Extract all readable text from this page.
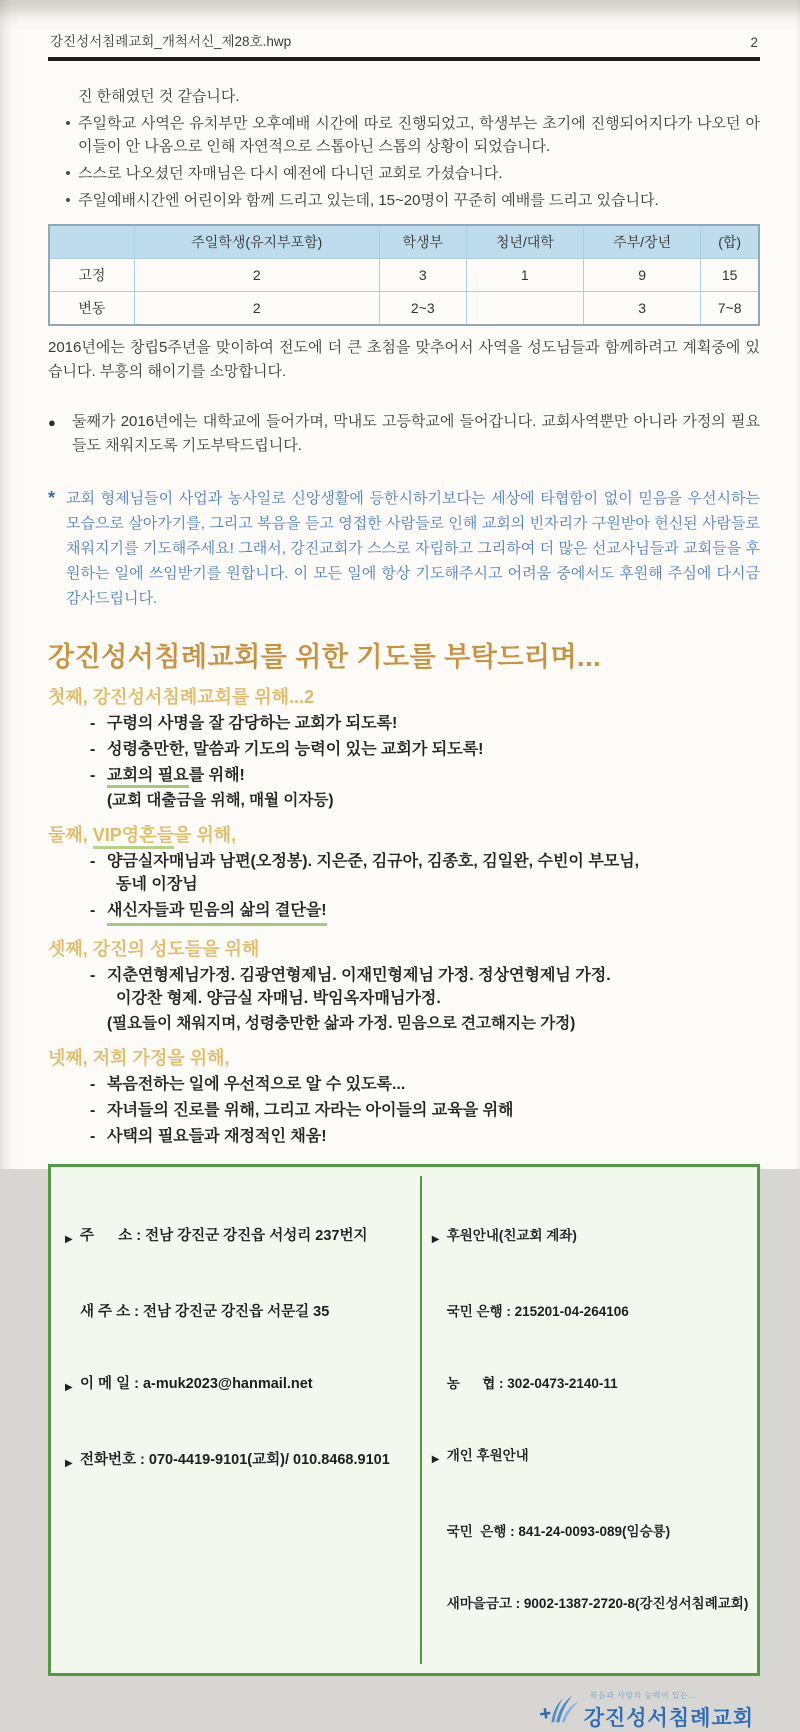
강진성서침례교회_개척서신_제28호.hwp	2
진 한해였던 것 같습니다.
• 주일학교 사역은 유치부만 오후예배 시간에 따로 진행되었고, 학생부는 초기에 진행되어지다가 나오던 아이들이 안 나옴으로 인해 자연적으로 스톱아닌 스톱의 상황이 되었습니다.
• 스스로 나오셨던 자매님은 다시 예전에 다니던 교회로 가셨습니다.
• 주일예배시간엔 어린이와 함께 드리고 있는데, 15~20명이 꾸준히 예배를 드리고 있습니다.
	주일학생(유지부포함)	학생부	청년/대학	주부/장년	(합)
고정	2	3	1	9	15
변동	2	2~3		3	7~8

2016년에는 창립5주년을 맞이하여 전도에 더 큰 초첨을 맞추어서 사역을 성도님들과 함께하려고 계획중에 있습니다. 부흥의 해이기를 소망합니다.

● 둘째가 2016년에는 대학교에 들어가며, 막내도 고등학교에 들어갑니다. 교회사역뿐만 아니라 가정의 필요들도 채워지도록 기도부탁드립니다.
* 교회 형제님들이 사업과 농사일로 신앙생활에 등한시하기보다는 세상에 타협함이 없이 믿음을 우선시하는 모습으로 살아가기를, 그리고 복음을 듣고 영접한 사람들로 인해 교회의 빈자리가 구원받아 헌신된 사람들로 채워지기를 기도해주세요! 그래서, 강진교회가 스스로 자립하고 그리하여 더 많은 선교사님들과 교회들을 후원하는 일에 쓰임받기를 원합니다. 이 모든 일에 항상 기도해주시고 어려움 중에서도 후원해 주심에 다시금 감사드립니다.
강진성서침례교회를 위한 기도를 부탁드리며...
첫째, 강진성서침례교회를 위해...2
- 구령의 사명을 잘 감당하는 교회가 되도록!
- 성령충만한, 말씀과 기도의 능력이 있는 교회가 되도록!
- 교회의 필요를 위해!
(교회 대출금을 위해, 매월 이자등)
둘째, VIP영혼들을 위해,
- 양금실자매님과 남편(오정봉). 지은준, 김규아, 김종호, 김일완, 수빈이 부모님,
동네 이장님
- 새신자들과 믿음의 삶의 결단을!
셋째, 강진의 성도들을 위해
- 지춘연형제님가정. 김광연형제님. 이재민형제님 가정. 정상연형제님 가정.
이강찬 형제. 양금실 자매님. 박임옥자매님가정.
(필요들이 채워지며, 성령충만한 삶과 가정. 믿음으로 견고해지는 가정)
넷째, 저희 가정을 위해,
- 복음전하는 일에 우선적으로 알 수 있도록...
- 자녀들의 진로를 위해, 그리고 자라는 아이들의 교육을 위해
- 사택의 필요들과 재정적인 채움!

▶ 주      소 : 전남 강진군 강진읍 서성리 237번지

새 주 소 : 전남 강진군 강진읍 서문길 35

▶ 이 메 일 : a-muk2023@hanmail.net

▶ 전화번호 : 070-4419-9101(교회)/ 010.8468.9101

▶ 후원안내(친교회 계좌)

국민 은행 : 215201-04-264106

농      협 : 302-0473-2140-11

▶ 개인 후원안내

국민  은행 : 841-24-0093-089(임승룡)

새마을금고 : 9002-1387-2720-8(강진성서침례교회)

복음과 사랑의 능력이 있는...
강진성서침례교회
